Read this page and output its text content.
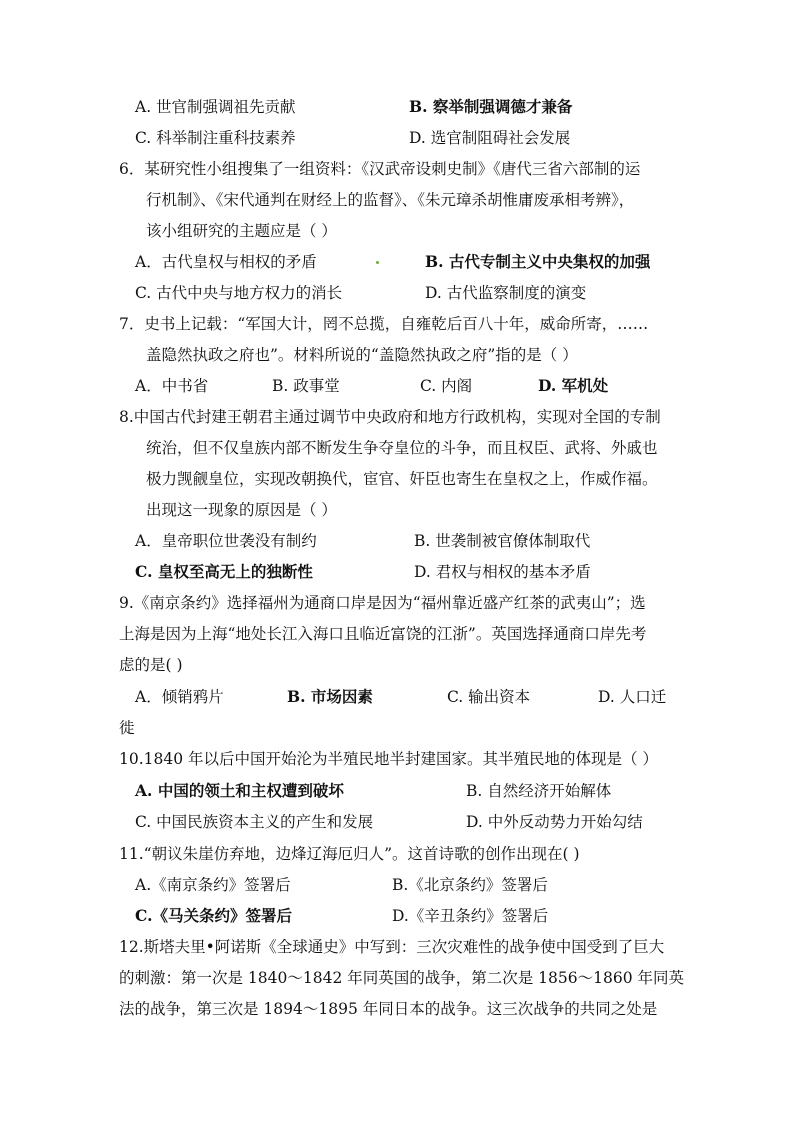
A. 世官制强调祖先贡献	B. 察举制强调德才兼备
C. 科举制注重科技素养	D. 选官制阻碍社会发展
6．某研究性小组搜集了一组资料：《汉武帝设刺史制》《唐代三省六部制的运
行机制》、《宋代通判在财经上的监督》、《朱元璋杀胡惟庸废承相考辨》，
该小组研究的主题应是（ ）
A．古代皇权与相权的矛盾	B. 古代专制主义中央集权的加强
C. 古代中央与地方权力的消长	D. 古代监察制度的演变
7．史书上记载：“军国大计，罔不总揽，自雍乾后百八十年，威命所寄，……
盖隐然执政之府也”。材料所说的“盖隐然执政之府”指的是（ ）
A．中书省	B. 政事堂	C. 内阁	D. 军机处
8.中国古代封建王朝君主通过调节中央政府和地方行政机构，实现对全国的专制
统治，但不仅皇族内部不断发生争夺皇位的斗争，而且权臣、武将、外戚也
极力觊觎皇位，实现改朝换代，宦官、奸臣也寄生在皇权之上，作威作福。
出现这一现象的原因是（ ）
A．皇帝职位世袭没有制约	B. 世袭制被官僚体制取代
C. 皇权至高无上的独断性	D. 君权与相权的基本矛盾
9.《南京条约》选择福州为通商口岸是因为“福州靠近盛产红茶的武夷山”；选
上海是因为上海“地处长江入海口且临近富饶的江浙”。英国选择通商口岸先考
虑的是( )
A．倾销鸦片	B. 市场因素	C. 输出资本	D. 人口迁
徙
10.1840 年以后中国开始沦为半殖民地半封建国家。其半殖民地的体现是（ ）
A. 中国的领土和主权遭到破坏	B. 自然经济开始解体
C. 中国民族资本主义的产生和发展	D. 中外反动势力开始勾结
11.“朝议朱崖仿弃地，边烽辽海厄归人”。这首诗歌的创作出现在( )
A.《南京条约》签署后	B.《北京条约》签署后
C.《马关条约》签署后	D.《辛丑条约》签署后
12.斯塔夫里•阿诺斯《全球通史》中写到：三次灾难性的战争使中国受到了巨大
的刺激：第一次是 1840～1842 年同英国的战争，第二次是 1856～1860 年同英
法的战争，第三次是 1894～1895 年同日本的战争。这三次战争的共同之处是
